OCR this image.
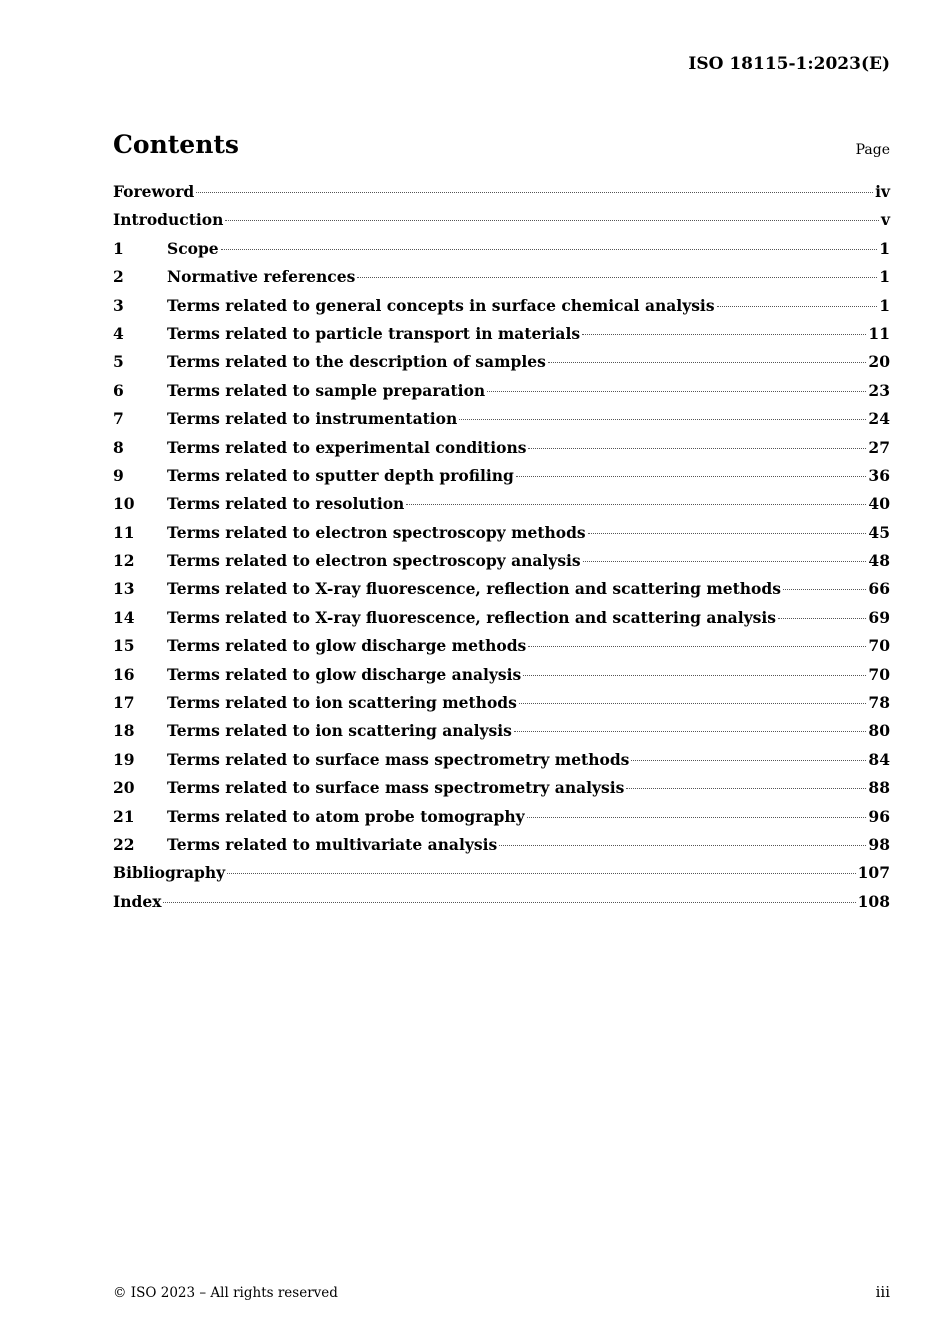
ISO 18115-1:2023(E)
Contents	Page
Foreword	iv
Introduction	v
1	Scope	1
2	Normative references	1
3	Terms related to general concepts in surface chemical analysis	1
4	Terms related to particle transport in materials	11
5	Terms related to the description of samples	20
6	Terms related to sample preparation	23
7	Terms related to instrumentation	24
8	Terms related to experimental conditions	27
9	Terms related to sputter depth profiling	36
10	Terms related to resolution	40
11	Terms related to electron spectroscopy methods	45
12	Terms related to electron spectroscopy analysis	48
13	Terms related to X-ray fluorescence, reflection and scattering methods	66
14	Terms related to X-ray fluorescence, reflection and scattering analysis	69
15	Terms related to glow discharge methods	70
16	Terms related to glow discharge analysis	70
17	Terms related to ion scattering methods	78
18	Terms related to ion scattering analysis	80
19	Terms related to surface mass spectrometry methods	84
20	Terms related to surface mass spectrometry analysis	88
21	Terms related to atom probe tomography	96
22	Terms related to multivariate analysis	98
Bibliography	107
Index	108
© ISO 2023 – All rights reserved	iii
